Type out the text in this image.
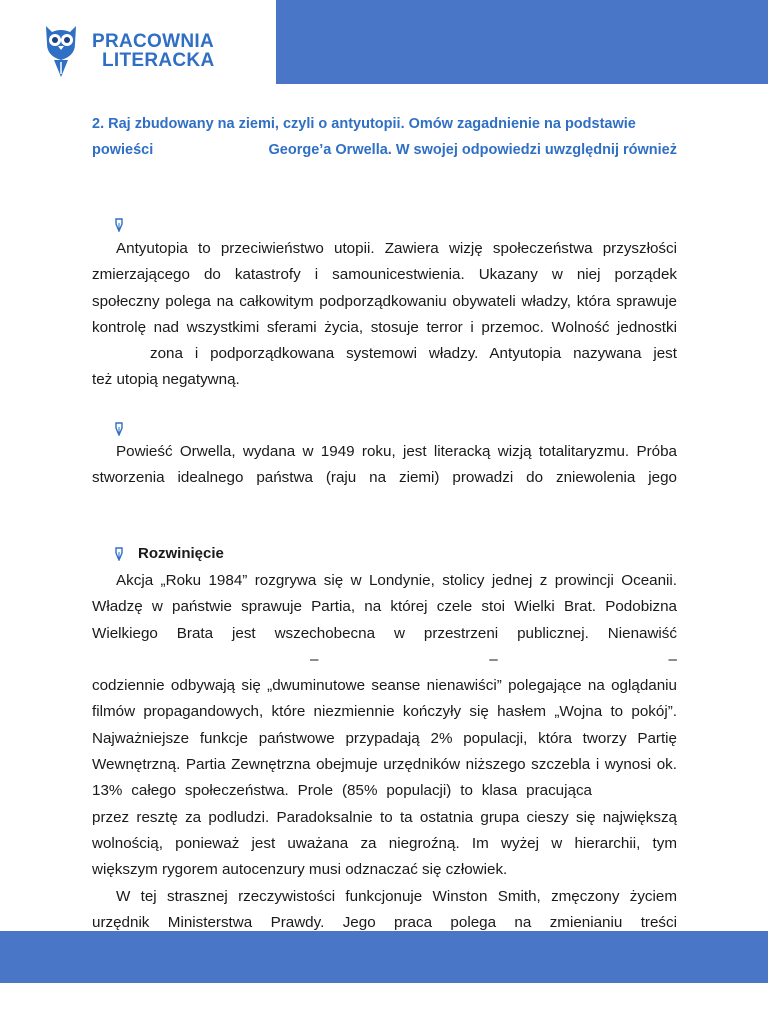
PRACOWNIA
LITERACKA
2. Raj zbudowany na ziemi, czyli o antyutopii. Omów zagadnienie na podstawie
powieści	George’a Orwella. W swojej odpowiedzi uwzględnij również

Antyutopia to przeciwieństwo utopii. Zawiera wizję społeczeństwa przyszłości

zmierzającego do katastrofy i samounicestwienia. Ukazany w niej porządek

społeczny polega na całkowitym podporządkowaniu obywateli władzy, która sprawuje

kontrolę nad wszystkimi sferami życia, stosuje terror i przemoc. Wolność jednostki

zona i podporządkowana systemowi władzy. Antyutopia nazywana jest

też utopią negatywną.

Powieść Orwella, wydana w 1949 roku, jest literacką wizją totalitaryzmu. Próba

stworzenia idealnego państwa (raju na ziemi) prowadzi do zniewolenia jego

Rozwinięcie

Akcja „Roku 1984” rozgrywa się w Londynie, stolicy jednej z prowincji Oceanii.

Władzę w państwie sprawuje Partia, na której czele stoi Wielki Brat. Podobizna

Wielkiego Brata jest wszechobecna w przestrzeni publicznej. Nienawiść

–	–	–

codziennie odbywają się „dwuminutowe seanse nienawiści” polegające na oglądaniu

filmów propagandowych, które niezmiennie kończyły się hasłem „Wojna to pokój”.

Najważniejsze funkcje państwowe przypadają 2% populacji, która tworzy Partię

Wewnętrzną. Partia Zewnętrzna obejmuje urzędników niższego szczebla i wynosi ok.

13% całego społeczeństwa. Prole (85% populacji) to klasa pracująca

przez resztę za podludzi. Paradoksalnie to ta ostatnia grupa cieszy się największą

wolnością, ponieważ jest uważana za niegroźną. Im wyżej w hierarchii, tym

większym rygorem autocenzury musi odznaczać się człowiek.

W tej strasznej rzeczywistości funkcjonuje Winston Smith, zmęczony życiem

urzędnik Ministerstwa Prawdy. Jego praca polega na zmienianiu treści
